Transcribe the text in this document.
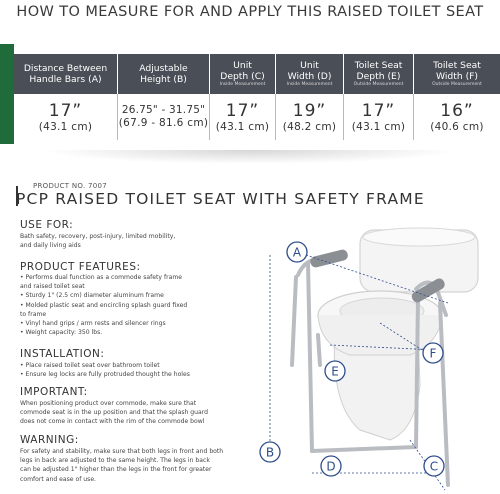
HOW TO MEASURE FOR AND APPLY THIS RAISED TOILET SEAT
Distance Between
Handle Bars (A)
17”
(43.1 cm)
Adjustable
Height (B)
26.75" - 31.75"
(67.9 - 81.6 cm)
Unit
Depth (C)
Inside Measurement
17”
(43.1 cm)
Unit
Width (D)
Inside Measurement
19”
(48.2 cm)
Toilet Seat
Depth (E)
Outside Measurement
17”
(43.1 cm)
Toilet Seat
Width (F)
Outside Measurement
16”
(40.6 cm)
PRODUCT NO. 7007
PCP RAISED TOILET SEAT WITH SAFETY FRAME
USE FOR:
Bath safety, recovery, post-injury, limited mobility,
and daily living aids
PRODUCT FEATURES:
• Performs dual function as a commode safety frame
and raised toilet seat
• Sturdy 1" (2.5 cm) diameter aluminum frame
• Molded plastic seat and encircling splash guard fixed
to frame
• Vinyl hand grips / arm rests and silencer rings
• Weight capacity: 350 lbs.
INSTALLATION:
• Place raised toilet seat over bathroom toilet
• Ensure leg locks are fully protruded thought the holes
IMPORTANT:
When positioning product over commode, make sure that
commode seat is in the up position and that the splash guard
does not come in contact with the rim of the commode bowl
WARNING:
For safety and stability, make sure that both legs in front and both
legs in back are adjusted to the same height. The legs in back
can be adjusted 1" higher than the legs in the front for greater
comfort and ease of use.
A
B
C
D
E
F
